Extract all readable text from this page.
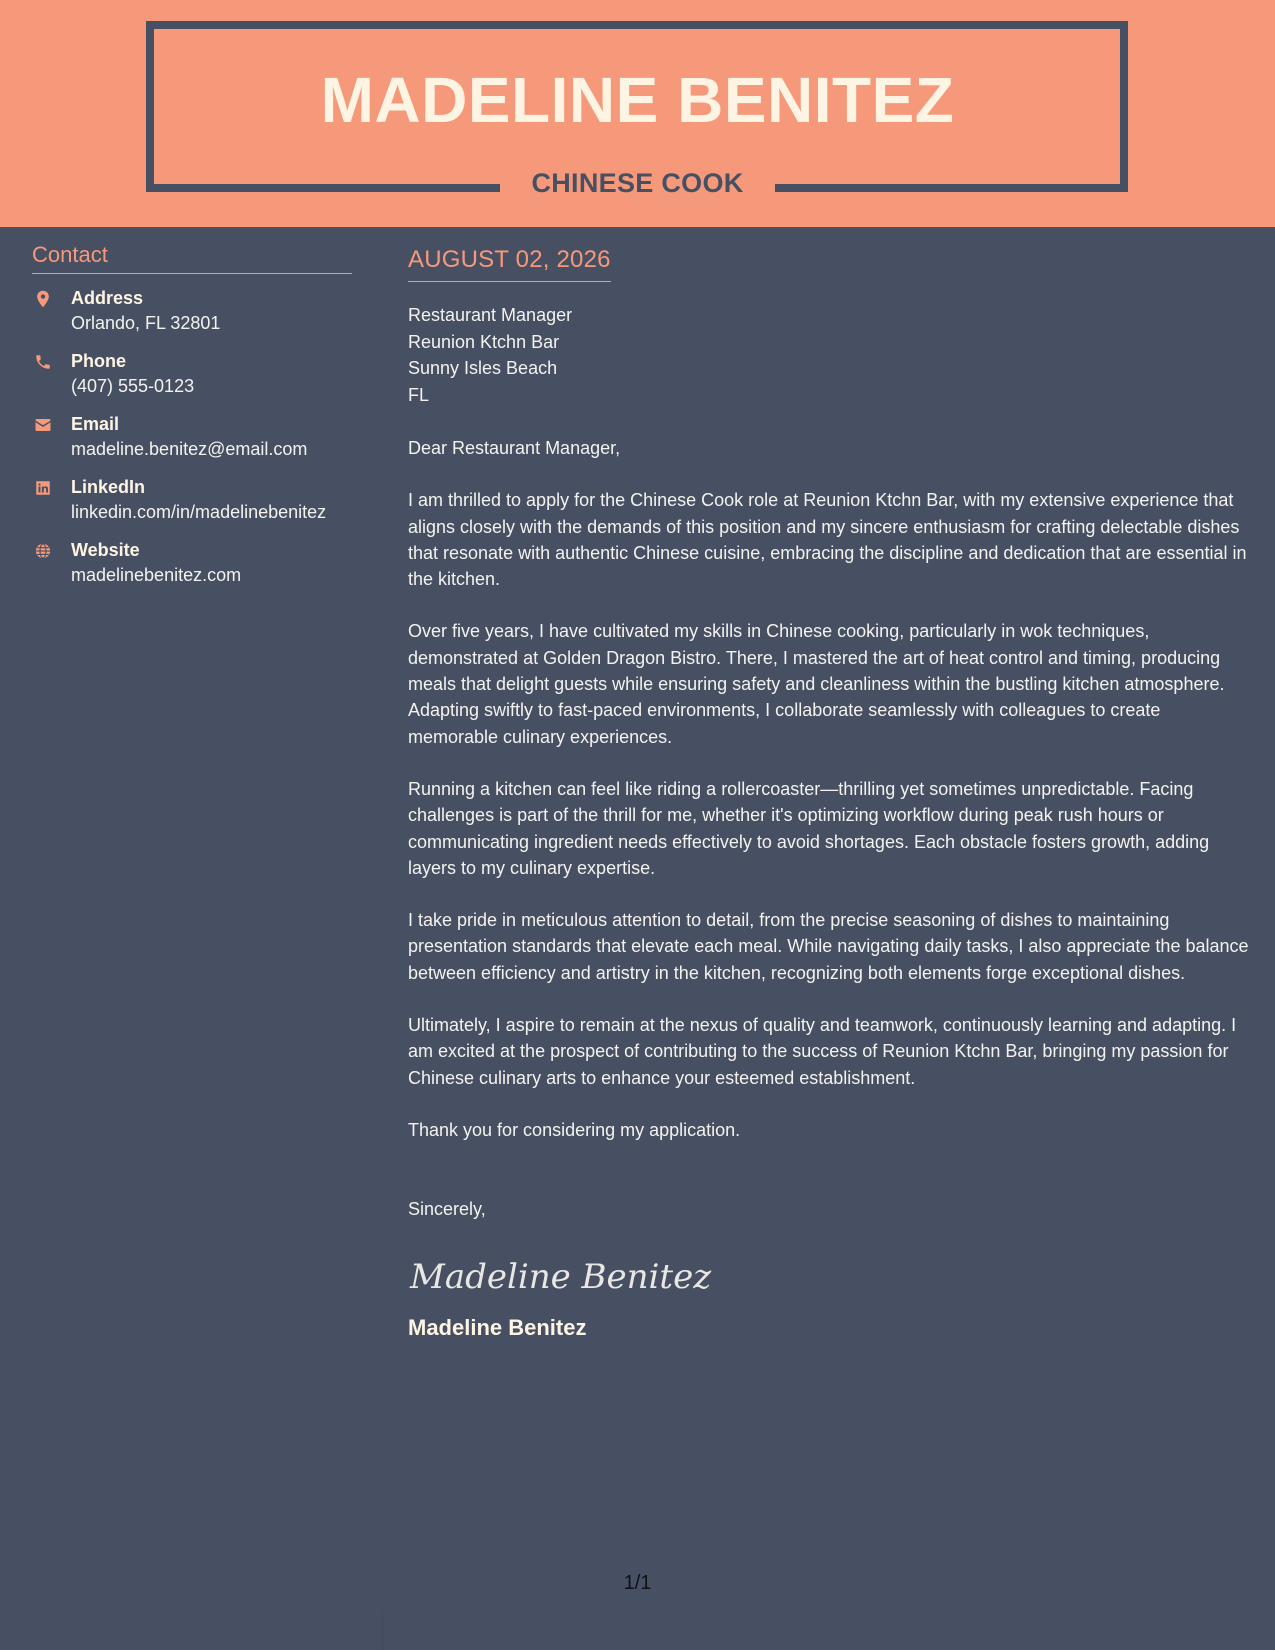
MADELINE BENITEZ
CHINESE COOK
Contact
Address
Orlando, FL 32801
Phone
(407) 555-0123
Email
madeline.benitez@email.com
LinkedIn
linkedin.com/in/madelinebenitez
Website
madelinebenitez.com
AUGUST 02, 2026
Restaurant Manager
Reunion Ktchn Bar
Sunny Isles Beach
FL
Dear Restaurant Manager,

I am thrilled to apply for the Chinese Cook role at Reunion Ktchn Bar, with my extensive experience that aligns closely with the demands of this position and my sincere enthusiasm for crafting delectable dishes that resonate with authentic Chinese cuisine, embracing the discipline and dedication that are essential in the kitchen.

Over five years, I have cultivated my skills in Chinese cooking, particularly in wok techniques, demonstrated at Golden Dragon Bistro. There, I mastered the art of heat control and timing, producing meals that delight guests while ensuring safety and cleanliness within the bustling kitchen atmosphere. Adapting swiftly to fast-paced environments, I collaborate seamlessly with colleagues to create memorable culinary experiences.

Running a kitchen can feel like riding a rollercoaster—thrilling yet sometimes unpredictable. Facing challenges is part of the thrill for me, whether it's optimizing workflow during peak rush hours or communicating ingredient needs effectively to avoid shortages. Each obstacle fosters growth, adding layers to my culinary expertise.

I take pride in meticulous attention to detail, from the precise seasoning of dishes to maintaining presentation standards that elevate each meal. While navigating daily tasks, I also appreciate the balance between efficiency and artistry in the kitchen, recognizing both elements forge exceptional dishes.

Ultimately, I aspire to remain at the nexus of quality and teamwork, continuously learning and adapting. I am excited at the prospect of contributing to the success of Reunion Ktchn Bar, bringing my passion for Chinese culinary arts to enhance your esteemed establishment.

Thank you for considering my application.

Sincerely,
Madeline Benitez
Madeline Benitez
1/1
